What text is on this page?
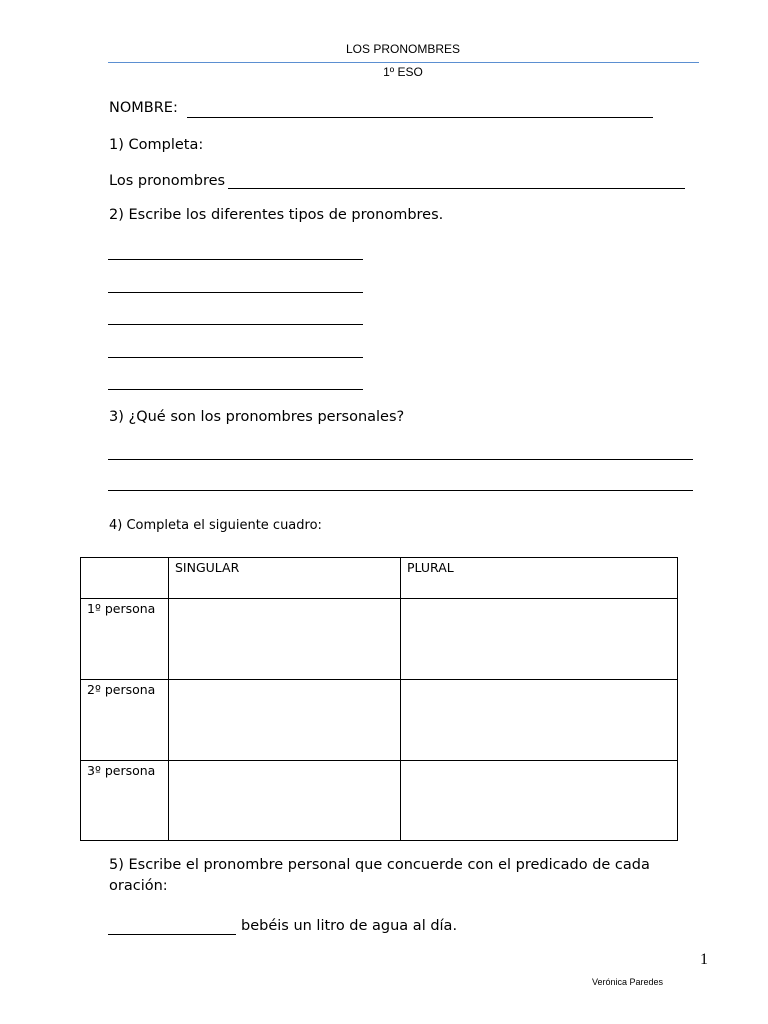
LOS PRONOMBRES
1º ESO
NOMBRE:
1) Completa:
Los pronombres
2) Escribe los diferentes tipos de pronombres.
3) ¿Qué son los pronombres personales?
4) Completa el siguiente cuadro:
	SINGULAR	PLURAL
1º persona		
2º persona		
3º persona		
5) Escribe el pronombre personal que concuerde con el predicado de cada
oración:
bebéis un litro de agua al día.
1
Verónica Paredes
